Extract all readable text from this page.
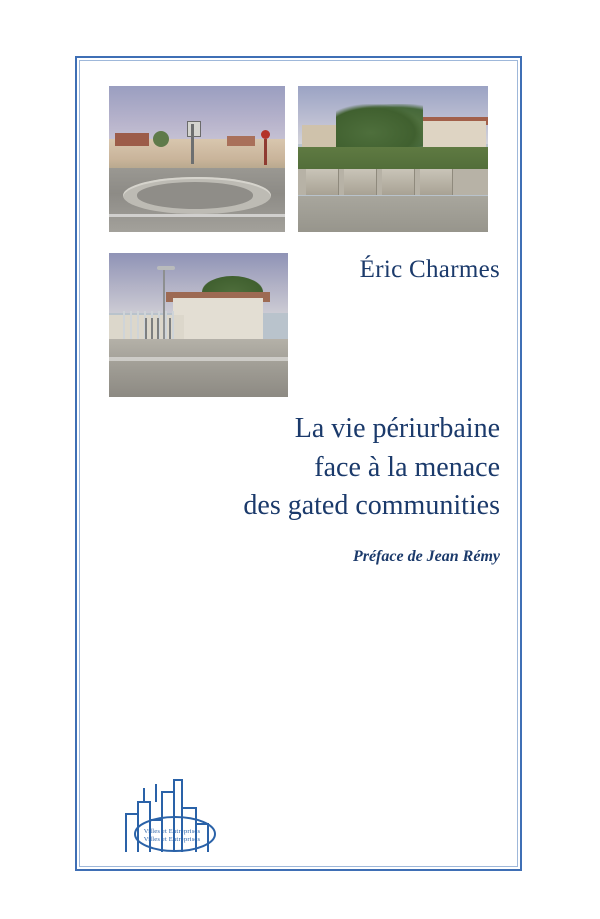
Éric Charmes
La vie périurbaine
face à la menace
des gated communities
Préface de Jean Rémy
Villes et Entreprises
Villes et Entreprises
